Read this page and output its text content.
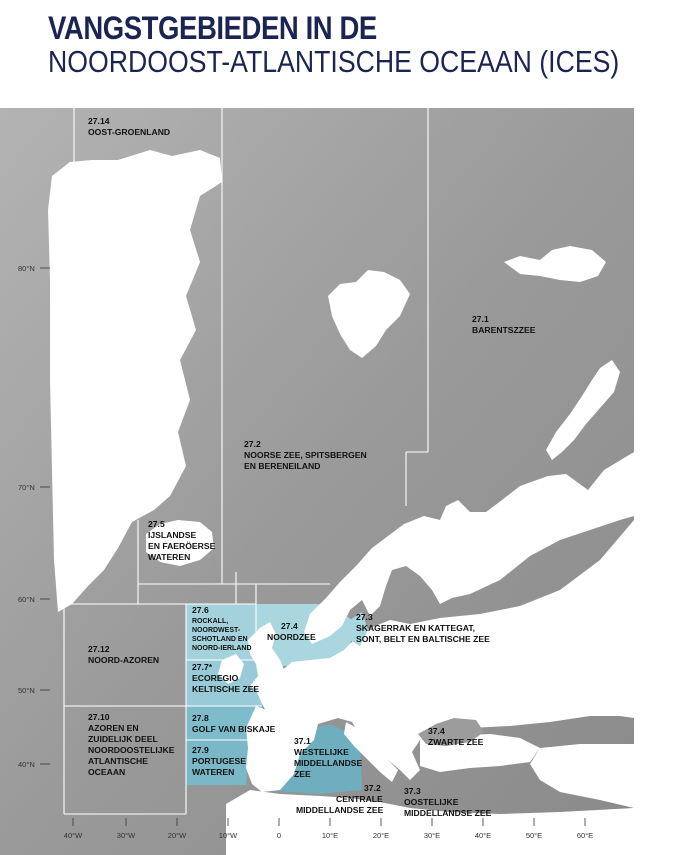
VANGSTGEBIEDEN IN DE
NOORDOOST-ATLANTISCHE OCEAAN (ICES)
80°N
70°N
60°N
50°N
40°N
40°W	30°W	20°W	10°W	0	10°E	20°E	30°E	40°E	50°E	60°E
27.14 OOST-GROENLAND
27.1 BARENTSZZEE
27.2 NOORSE ZEE, SPITSBERGEN EN BERENEILAND
27.5 IJSLANDSE EN FAERÖERSE WATEREN
27.6 ROCKALL, NOORDWEST- SCHOTLAND EN NOORD-IERLAND
27.4 NOORDZEE
27.3 SKAGERRAK EN KATTEGAT, SONT, BELT EN BALTISCHE ZEE
27.12 NOORD-AZOREN
27.7* ECOREGIO KELTISCHE ZEE
27.10 AZOREN EN ZUIDELIJK DEEL NOORDOOSTELIJKE ATLANTISCHE OCEAAN
27.8 GOLF VAN BISKAJE
27.9 PORTUGESE WATEREN
37.1 WESTELIJKE MIDDELLANDSE ZEE
37.4 ZWARTE ZEE
37.2 CENTRALE MIDDELLANDSE ZEE
37.3 OOSTELIJKE MIDDELLANDSE ZEE
